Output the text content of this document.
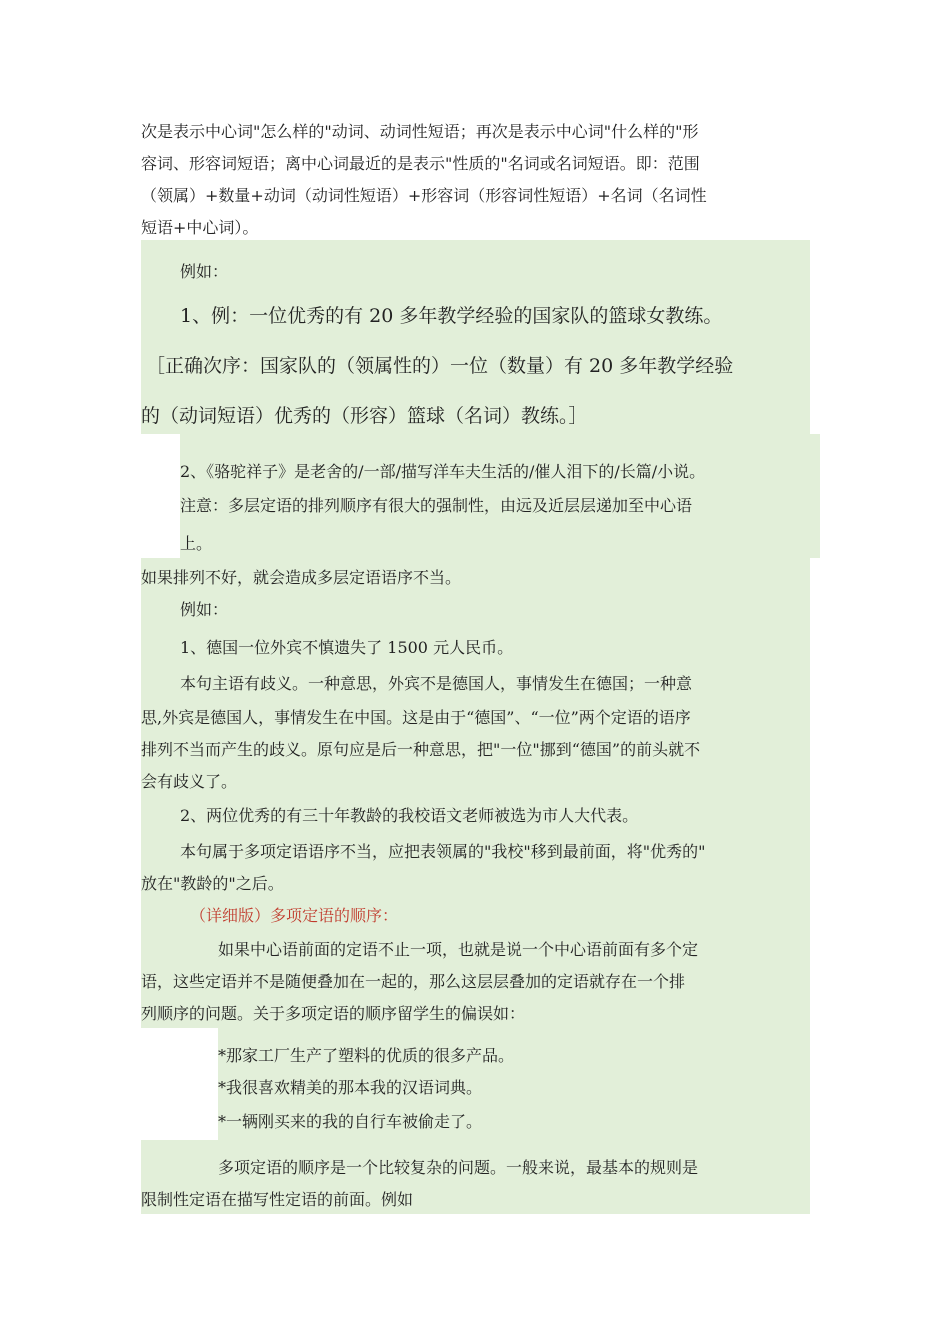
次是表示中心词"怎么样的"动词、动词性短语；再次是表示中心词"什么样的"形

容词、形容词短语；离中心词最近的是表示"性质的"名词或名词短语。即：范围

（领属）+数量+动词（动词性短语）+形容词（形容词性短语）+名词（名词性

短语+中心词）。

例如：

1、例：一位优秀的有 20 多年教学经验的国家队的篮球女教练。

［正确次序：国家队的（领属性的）一位（数量）有 20 多年教学经验

的（动词短语）优秀的（形容）篮球（名词）教练。］

2、《骆驼祥子》是老舍的/一部/描写洋车夫生活的/催人泪下的/长篇/小说。

注意：多层定语的排列顺序有很大的强制性，由远及近层层递加至中心语

上。

如果排列不好，就会造成多层定语语序不当。

例如：

1、德国一位外宾不慎遗失了 1500 元人民币。

本句主语有歧义。一种意思，外宾不是德国人，事情发生在德国；一种意

思,外宾是德国人，事情发生在中国。这是由于“德国”、“一位”两个定语的语序

排列不当而产生的歧义。原句应是后一种意思，把"一位"挪到“德国”的前头就不

会有歧义了。

2、两位优秀的有三十年教龄的我校语文老师被选为市人大代表。

本句属于多项定语语序不当，应把表领属的"我校"移到最前面，将"优秀的"

放在"教龄的"之后。

（详细版）多项定语的顺序：

如果中心语前面的定语不止一项，也就是说一个中心语前面有多个定

语，这些定语并不是随便叠加在一起的，那么这层层叠加的定语就存在一个排

列顺序的问题。关于多项定语的顺序留学生的偏误如：

*那家工厂生产了塑料的优质的很多产品。

*我很喜欢精美的那本我的汉语词典。

*一辆刚买来的我的自行车被偷走了。

多项定语的顺序是一个比较复杂的问题。一般来说，最基本的规则是

限制性定语在描写性定语的前面。例如
